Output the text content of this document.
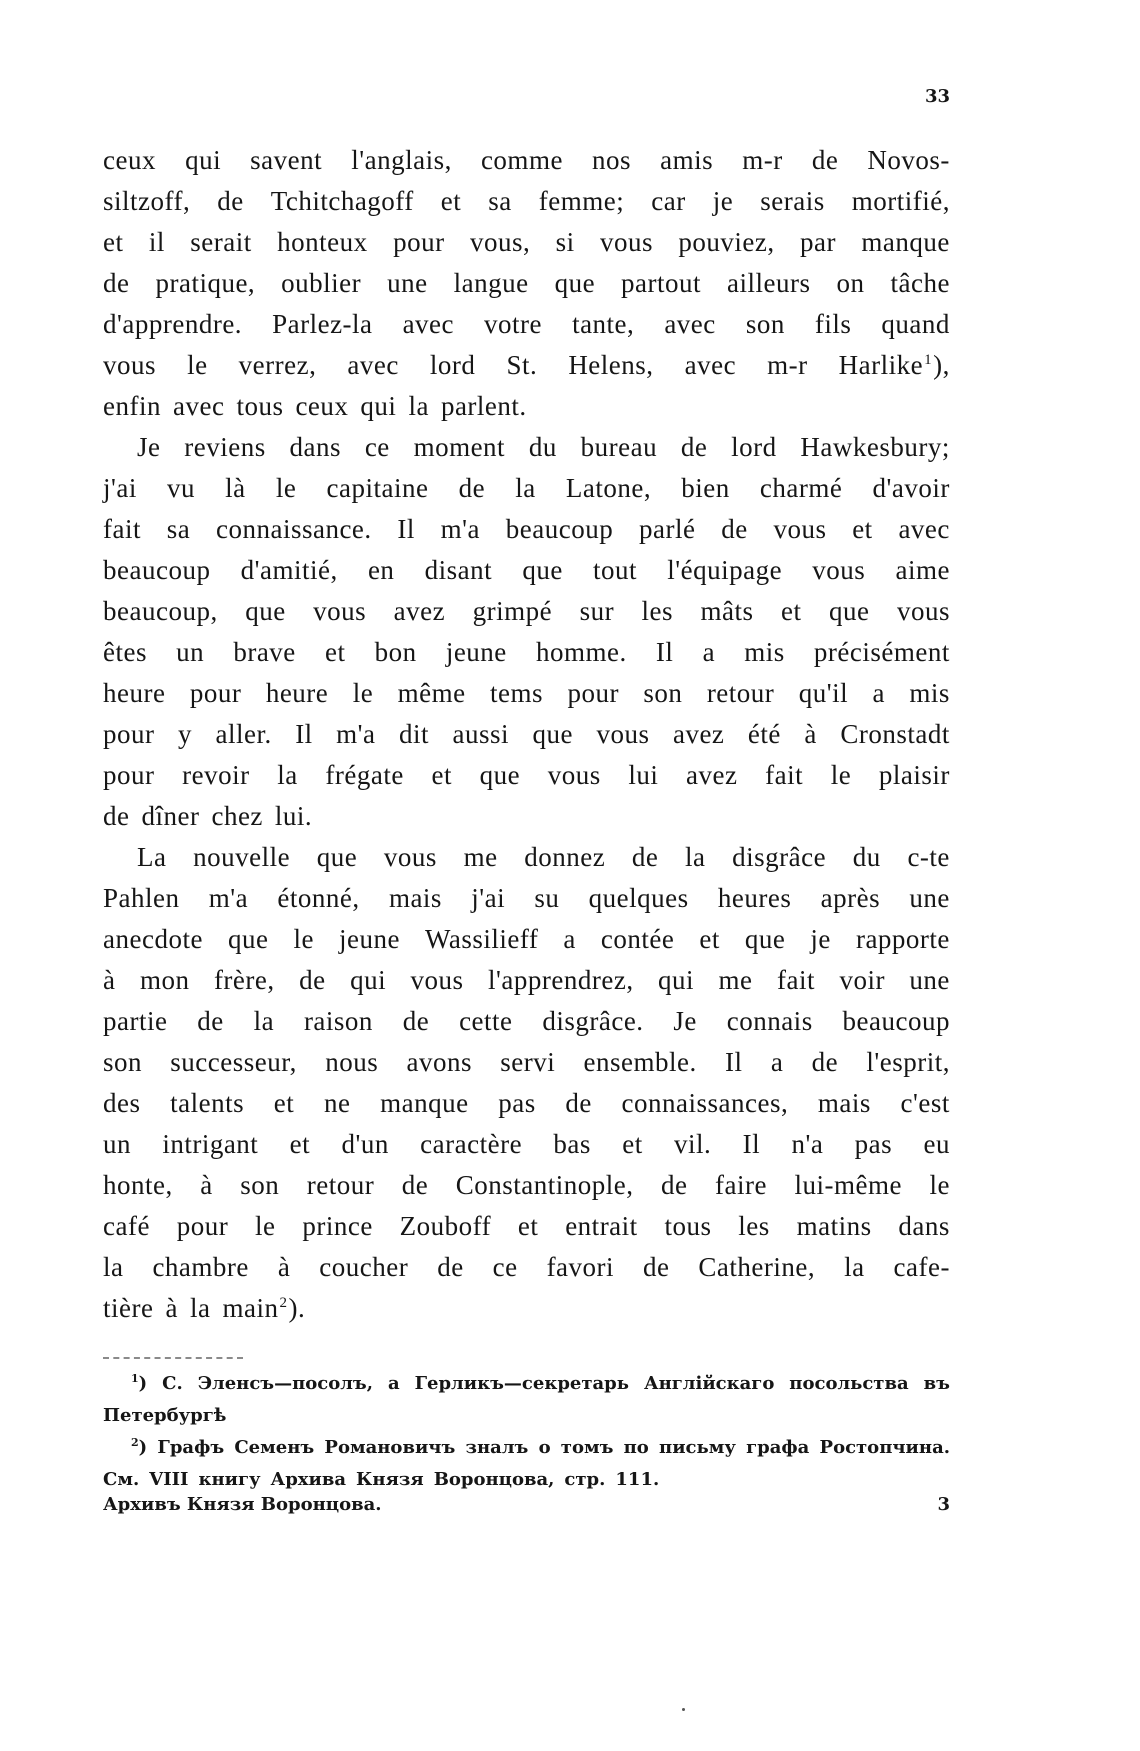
33
ceux qui savent l'anglais, comme nos amis m-r de Novos-
siltzoff, de Tchitchagoff et sa femme; car je serais mortifié,
et il serait honteux pour vous, si vous pouviez, par manque
de pratique, oublier une langue que partout ailleurs on tâche
d'apprendre. Parlez-la avec votre tante, avec son fils quand
vous le verrez, avec lord St. Helens, avec m-r Harlike$^1$),
enfin avec tous ceux qui la parlent.
Je reviens dans ce moment du bureau de lord Hawkesbury;
j'ai vu là le capitaine de la Latone, bien charmé d'avoir
fait sa connaissance. Il m'a beaucoup parlé de vous et avec
beaucoup d'amitié, en disant que tout l'équipage vous aime
beaucoup, que vous avez grimpé sur les mâts et que vous
êtes un brave et bon jeune homme. Il a mis précisément
heure pour heure le même tems pour son retour qu'il a mis
pour y aller. Il m'a dit aussi que vous avez été à Cronstadt
pour revoir la frégate et que vous lui avez fait le plaisir
de dîner chez lui.
La nouvelle que vous me donnez de la disgrâce du c-te
Pahlen m'a étonné, mais j'ai su quelques heures après une
anecdote que le jeune Wassilieff a contée et que je rapporte
à mon frère, de qui vous l'apprendrez, qui me fait voir une
partie de la raison de cette disgrâce. Je connais beaucoup
son successeur, nous avons servi ensemble. Il a de l'esprit,
des talents et ne manque pas de connaissances, mais c'est
un intrigant et d'un caractère bas et vil. Il n'a pas eu
honte, à son retour de Constantinople, de faire lui-même le
café pour le prince Zouboff et entrait tous les matins dans
la chambre à coucher de ce favori de Catherine, la cafe-
tière à la main$^2$).
$^1$) С. Эленсъ—посолъ, а Герликъ—секретарь Англійскаго посольства въ
Петербургѣ
$^2$) Графъ Семенъ Романовичъ зналъ о томъ по письму графа Ростопчина.
См. VIII книгу Архива Князя Воронцова, стр. 111.
Архивъ Князя Воронцова.	3
